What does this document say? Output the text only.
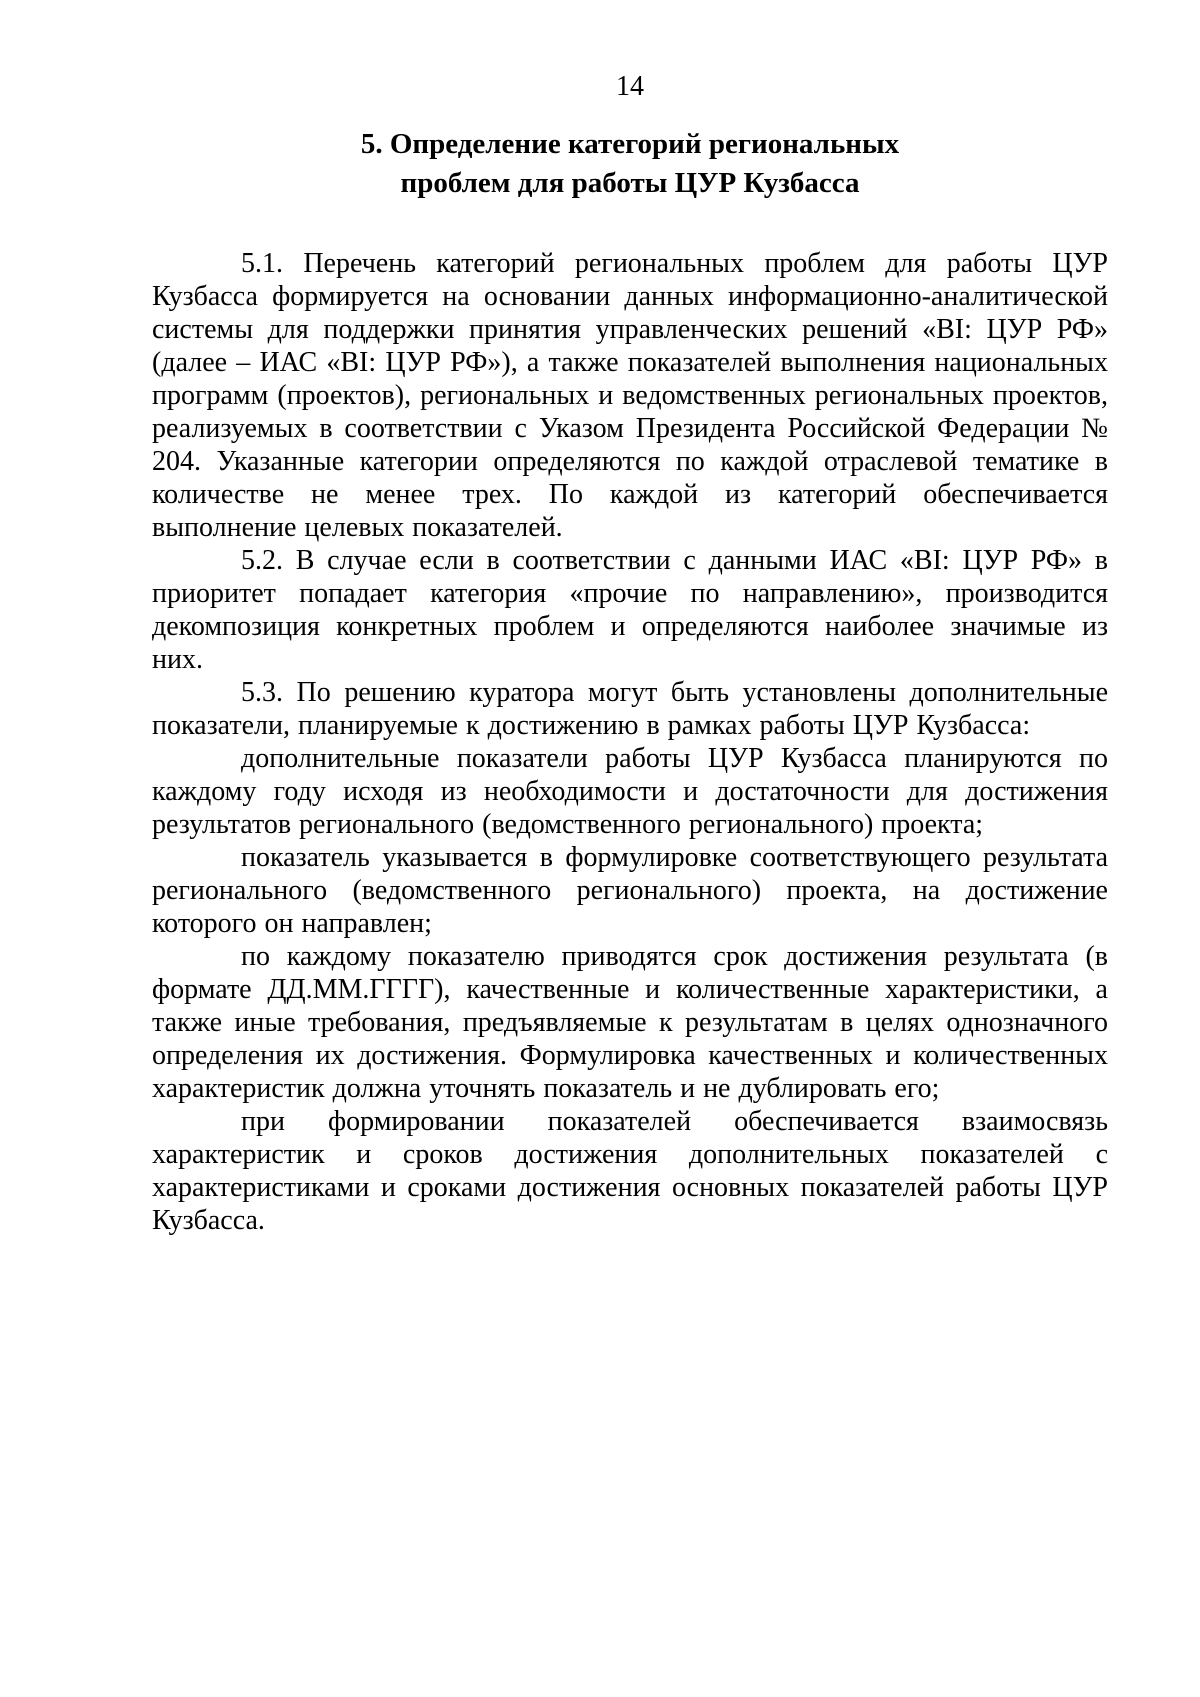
14
5. Определение категорий региональных
проблем для работы ЦУР Кузбасса

5.1. Перечень категорий региональных проблем для работы ЦУР Кузбасса формируется на основании данных информационно-аналитической системы для поддержки принятия управленческих решений «BI: ЦУР РФ» (далее – ИАС «BI: ЦУР РФ»), а также показателей выполнения национальных программ (проектов), региональных и ведомственных региональных проектов, реализуемых в соответствии с Указом Президента Российской Федерации № 204. Указанные категории определяются по каждой отраслевой тематике в количестве не менее трех. По каждой из категорий обеспечивается выполнение целевых показателей.

5.2. В случае если в соответствии с данными ИАС «BI: ЦУР РФ» в приоритет попадает категория «прочие по направлению», производится декомпозиция конкретных проблем и определяются наиболее значимые из них.

5.3. По решению куратора могут быть установлены дополнительные показатели, планируемые к достижению в рамках работы ЦУР Кузбасса:

дополнительные показатели работы ЦУР Кузбасса планируются по каждому году исходя из необходимости и достаточности для достижения результатов регионального (ведомственного регионального) проекта;

показатель указывается в формулировке соответствующего результата регионального (ведомственного регионального) проекта, на достижение которого он направлен;

по каждому показателю приводятся срок достижения результата (в формате ДД.ММ.ГГГГ), качественные и количественные характеристики, а также иные требования, предъявляемые к результатам в целях однозначного определения их достижения. Формулировка качественных и количественных характеристик должна уточнять показатель и не дублировать его;

при формировании показателей обеспечивается взаимосвязь характеристик и сроков достижения дополнительных показателей с характеристиками и сроками достижения основных показателей работы ЦУР Кузбасса.
